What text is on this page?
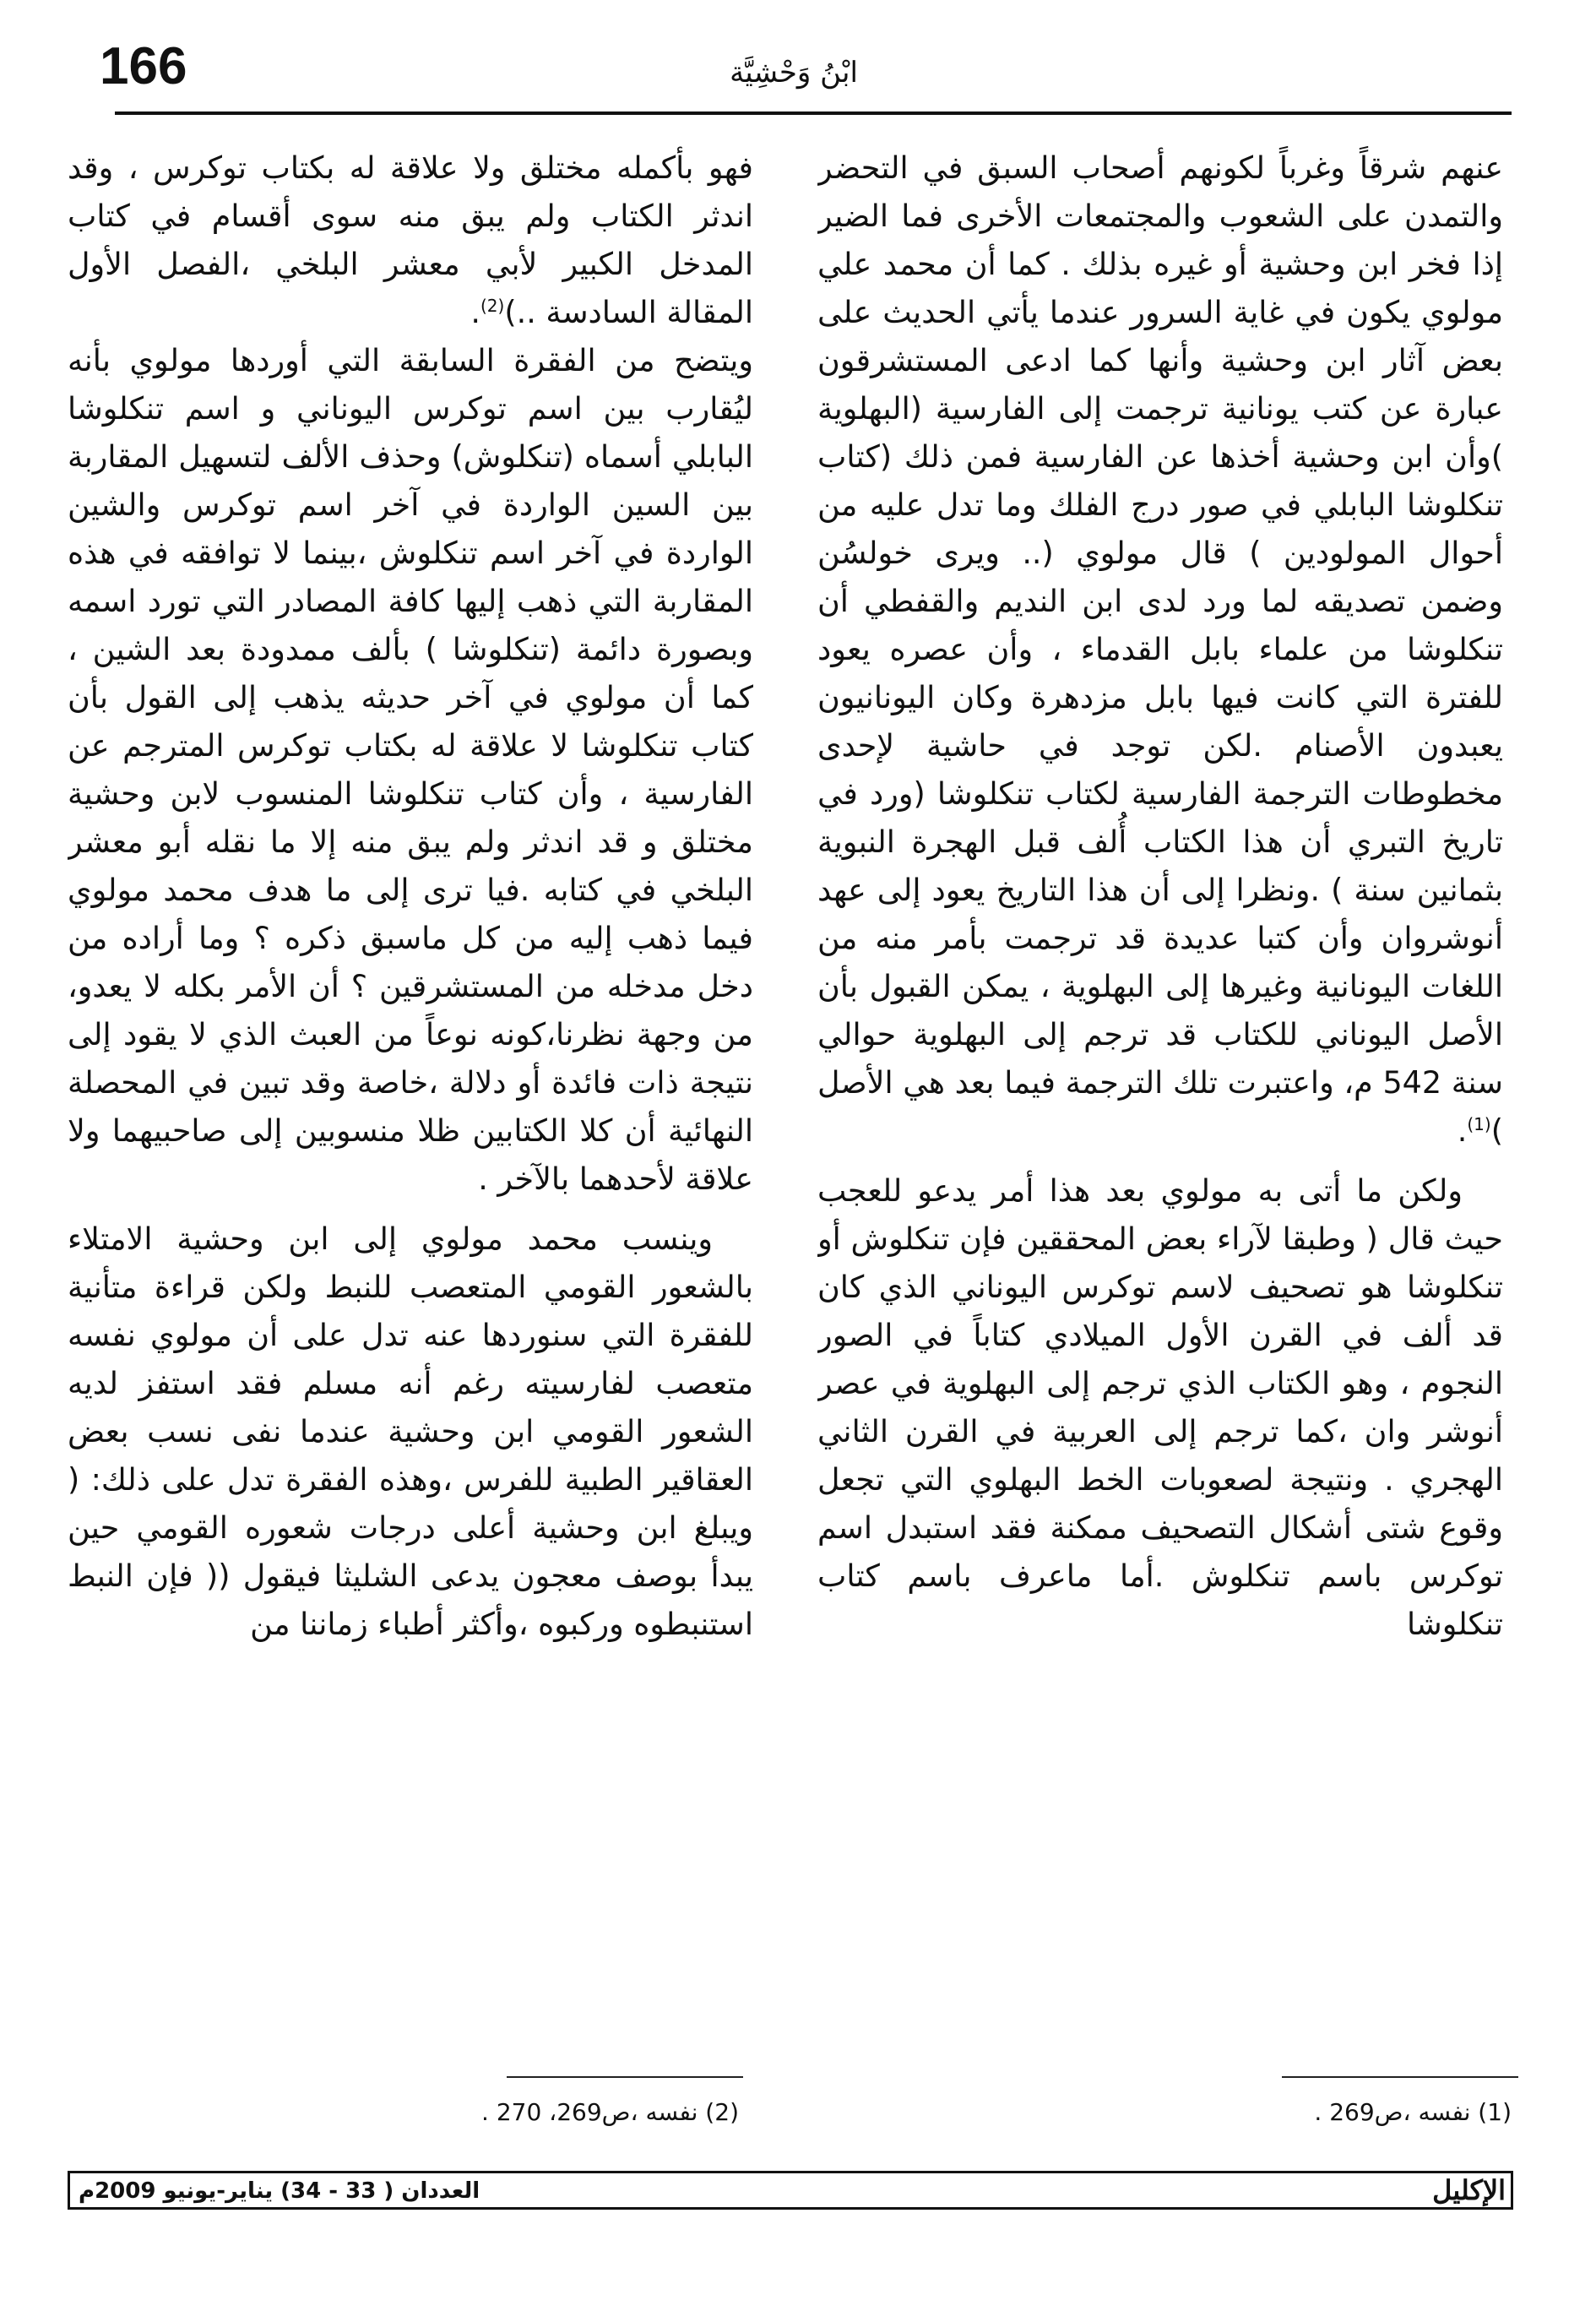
166	ابْنُ وَحْشِيَّة

عنهم شرقاً وغرباً لكونهم أصحاب السبق في التحضر والتمدن على الشعوب والمجتمعات الأخرى فما الضير إذا فخر ابن وحشية أو غيره بذلك . كما أن محمد علي مولوي يكون في غاية السرور عندما يأتي الحديث على بعض آثار ابن وحشية وأنها كما ادعى المستشرقون عبارة عن كتب يونانية ترجمت إلى الفارسية (البهلوية )وأن ابن وحشية أخذها عن الفارسية فمن ذلك (كتاب تنكلوشا البابلي في صور درج الفلك وما تدل عليه من أحوال المولودين ) قال مولوي (.. ويرى خولسُن وضمن تصديقه لما ورد لدى ابن النديم والقفطي أن تنكلوشا من علماء بابل القدماء ، وأن عصره يعود للفترة التي كانت فيها بابل مزدهرة وكان اليونانيون يعبدون الأصنام .لكن توجد في حاشية لإحدى مخطوطات الترجمة الفارسية لكتاب تنكلوشا (ورد في تاريخ التبري أن هذا الكتاب أُلف قبل الهجرة النبوية بثمانين سنة ) .ونظرا إلى أن هذا التاريخ يعود إلى عهد أنوشروان وأن كتبا عديدة قد ترجمت بأمر منه من اللغات اليونانية وغيرها إلى البهلوية ، يمكن القبول بأن الأصل اليوناني للكتاب قد ترجم إلى البهلوية حوالي سنة 542 م، واعتبرت تلك الترجمة فيما بعد هي الأصل )$^{(1)}$.

ولكن ما أتى به مولوي بعد هذا أمر يدعو للعجب حيث قال ( وطبقا لآراء بعض المحققين فإن تنكلوش أو تنكلوشا هو تصحيف لاسم توكرس اليوناني الذي كان قد ألف في القرن الأول الميلادي كتاباً في الصور النجوم ، وهو الكتاب الذي ترجم إلى البهلوية في عصر أنوشر وان ،كما ترجم إلى العربية في القرن الثاني الهجري . ونتيجة لصعوبات الخط البهلوي التي تجعل وقوع شتى أشكال التصحيف ممكنة فقد استبدل اسم توكرس باسم تنكلوش .أما ماعرف باسم كتاب تنكلوشا

فهو بأكمله مختلق ولا علاقة له بكتاب توكرس ، وقد اندثر الكتاب ولم يبق منه سوى أقسام في كتاب المدخل الكبير لأبي معشر البلخي ،الفصل الأول المقالة السادسة ..)$^{(2)}$.

ويتضح من الفقرة السابقة التي أوردها مولوي بأنه ليُقارب بين اسم توكرس اليوناني و اسم تنكلوشا البابلي أسماه (تنكلوش) وحذف الألف لتسهيل المقاربة بين السين الواردة في آخر اسم توكرس والشين الواردة في آخر اسم تنكلوش ،بينما لا توافقه في هذه المقاربة التي ذهب إليها كافة المصادر التي تورد اسمه وبصورة دائمة (تنكلوشا ) بألف ممدودة بعد الشين ، كما أن مولوي في آخر حديثه يذهب إلى القول بأن كتاب تنكلوشا لا علاقة له بكتاب توكرس المترجم عن الفارسية ، وأن كتاب تنكلوشا المنسوب لابن وحشية مختلق و قد اندثر ولم يبق منه إلا ما نقله أبو معشر البلخي في كتابه .فيا ترى إلى ما هدف محمد مولوي فيما ذهب إليه من كل ماسبق ذكره ؟ وما أراده من دخل مدخله من المستشرقين ؟ أن الأمر بكله لا يعدو، من وجهة نظرنا،كونه نوعاً من العبث الذي لا يقود إلى نتيجة ذات فائدة أو دلالة ،خاصة وقد تبين في المحصلة النهائية أن كلا الكتابين ظلا منسوبين إلى صاحبيهما ولا علاقة لأحدهما بالآخر .

وينسب محمد مولوي إلى ابن وحشية الامتلاء بالشعور القومي المتعصب للنبط ولكن قراءة متأنية للفقرة التي سنوردها عنه تدل على أن مولوي نفسه متعصب لفارسيته رغم أنه مسلم فقد استفز لديه الشعور القومي ابن وحشية عندما نفى نسب بعض العقاقير الطبية للفرس ،وهذه الفقرة تدل على ذلك: ( ويبلغ ابن وحشية أعلى درجات شعوره القومي حين يبدأ بوصف معجون يدعى الشليثا فيقول (( فإن النبط استنبطوه وركبوه ،وأكثر أطباء زماننا من

(1) نفسه ،ص269 .
(2) نفسه ،ص269، 270 .
الإكليل
العددان ( 33 - 34) يناير-يونيو 2009م
